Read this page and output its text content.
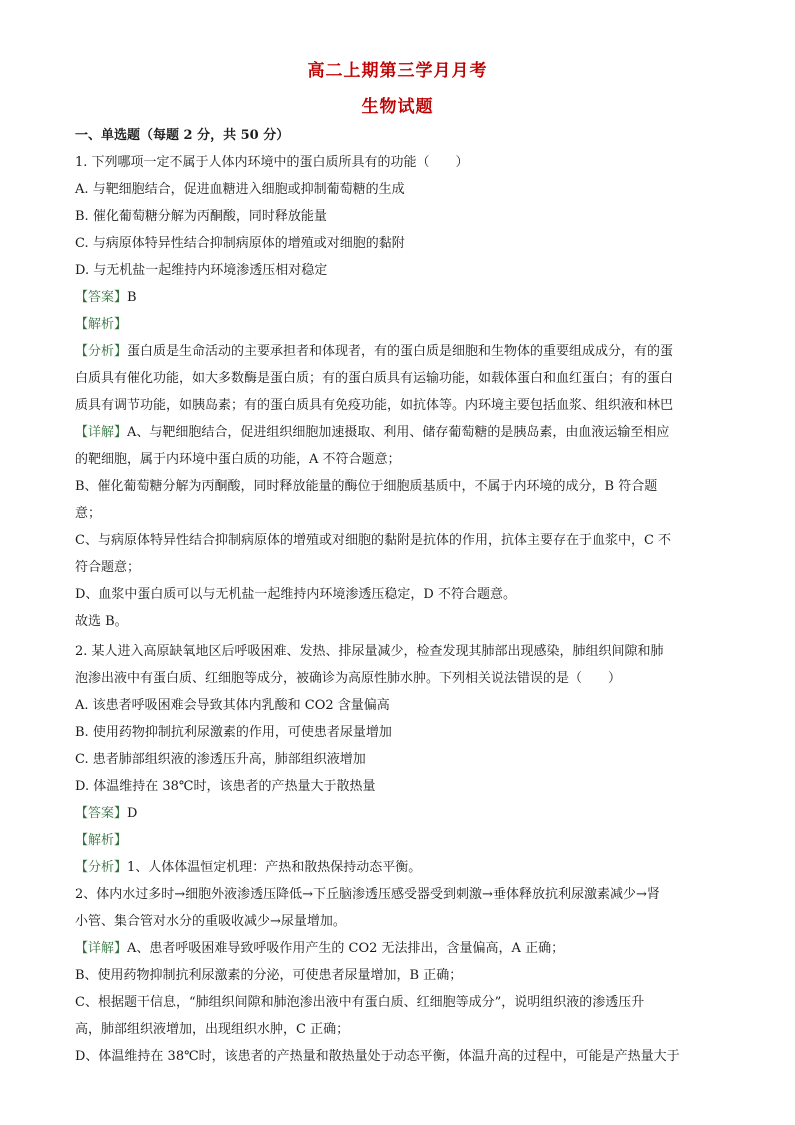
高二上期第三学月月考
生物试题
一、单选题（每题 2 分，共 50 分）
1. 下列哪项一定不属于人体内环境中的蛋白质所具有的功能（　　）
A. 与靶细胞结合，促进血糖进入细胞或抑制葡萄糖的生成
B. 催化葡萄糖分解为丙酮酸，同时释放能量
C. 与病原体特异性结合抑制病原体的增殖或对细胞的黏附
D. 与无机盐一起维持内环境渗透压相对稳定
【答案】B
【解析】
【分析】蛋白质是生命活动的主要承担者和体现者，有的蛋白质是细胞和生物体的重要组成成分，有的蛋
白质具有催化功能，如大多数酶是蛋白质；有的蛋白质具有运输功能，如载体蛋白和血红蛋白；有的蛋白
质具有调节功能，如胰岛素；有的蛋白质具有免疫功能，如抗体等。内环境主要包括血浆、组织液和林巴
【详解】A、与靶细胞结合，促进组织细胞加速摄取、利用、储存葡萄糖的是胰岛素，由血液运输至相应
的靶细胞，属于内环境中蛋白质的功能，A 不符合题意；
B、催化葡萄糖分解为丙酮酸，同时释放能量的酶位于细胞质基质中，不属于内环境的成分，B 符合题
意；
C、与病原体特异性结合抑制病原体的增殖或对细胞的黏附是抗体的作用，抗体主要存在于血浆中，C 不
符合题意；
D、血浆中蛋白质可以与无机盐一起维持内环境渗透压稳定，D 不符合题意。
故选 B。
2. 某人进入高原缺氧地区后呼吸困难、发热、排尿量减少，检查发现其肺部出现感染，肺组织间隙和肺
泡渗出液中有蛋白质、红细胞等成分，被确诊为高原性肺水肿。下列相关说法错误的是（　　）
A. 该患者呼吸困难会导致其体内乳酸和 CO2 含量偏高
B. 使用药物抑制抗利尿激素的作用，可使患者尿量增加
C. 患者肺部组织液的渗透压升高，肺部组织液增加
D. 体温维持在 38℃时，该患者的产热量大于散热量
【答案】D
【解析】
【分析】1、人体体温恒定机理：产热和散热保持动态平衡。
2、体内水过多时→细胞外液渗透压降低→下丘脑渗透压感受器受到刺激→垂体释放抗利尿激素减少→肾
小管、集合管对水分的重吸收减少→尿量增加。
【详解】A、患者呼吸困难导致呼吸作用产生的 CO2 无法排出，含量偏高，A 正确；
B、使用药物抑制抗利尿激素的分泌，可使患者尿量增加，B 正确；
C、根据题干信息，“肺组织间隙和肺泡渗出液中有蛋白质、红细胞等成分”，说明组织液的渗透压升
高，肺部组织液增加，出现组织水肿，C 正确；
D、体温维持在 38℃时，该患者的产热量和散热量处于动态平衡，体温升高的过程中，可能是产热量大于
